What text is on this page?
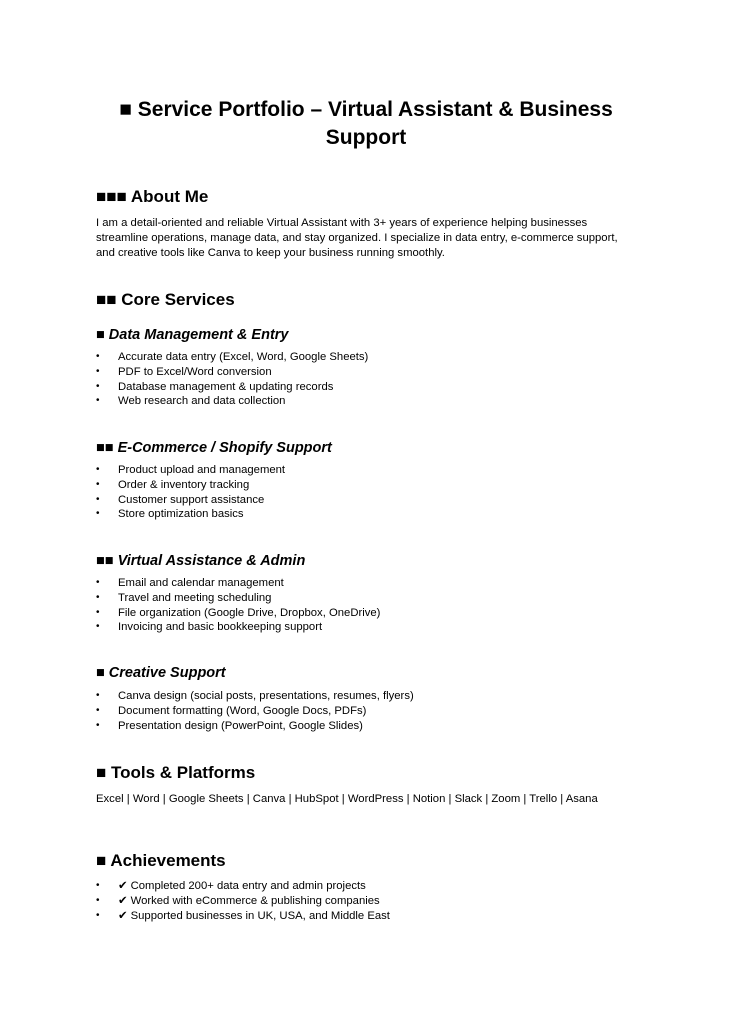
■ Service Portfolio – Virtual Assistant & Business Support
■■■ About Me

I am a detail-oriented and reliable Virtual Assistant with 3+ years of experience helping businesses streamline operations, manage data, and stay organized. I specialize in data entry, e-commerce support, and creative tools like Canva to keep your business running smoothly.

■■ Core Services
■ Data Management & Entry
• Accurate data entry (Excel, Word, Google Sheets)
• PDF to Excel/Word conversion
• Database management & updating records
• Web research and data collection
■■ E-Commerce / Shopify Support
• Product upload and management
• Order & inventory tracking
• Customer support assistance
• Store optimization basics
■■ Virtual Assistance & Admin
• Email and calendar management
• Travel and meeting scheduling
• File organization (Google Drive, Dropbox, OneDrive)
• Invoicing and basic bookkeeping support
■ Creative Support
• Canva design (social posts, presentations, resumes, flyers)
• Document formatting (Word, Google Docs, PDFs)
• Presentation design (PowerPoint, Google Slides)
■ Tools & Platforms

Excel | Word | Google Sheets | Canva | HubSpot | WordPress | Notion | Slack | Zoom | Trello | Asana

■ Achievements
• ✔ Completed 200+ data entry and admin projects
• ✔ Worked with eCommerce & publishing companies
• ✔ Supported businesses in UK, USA, and Middle East
